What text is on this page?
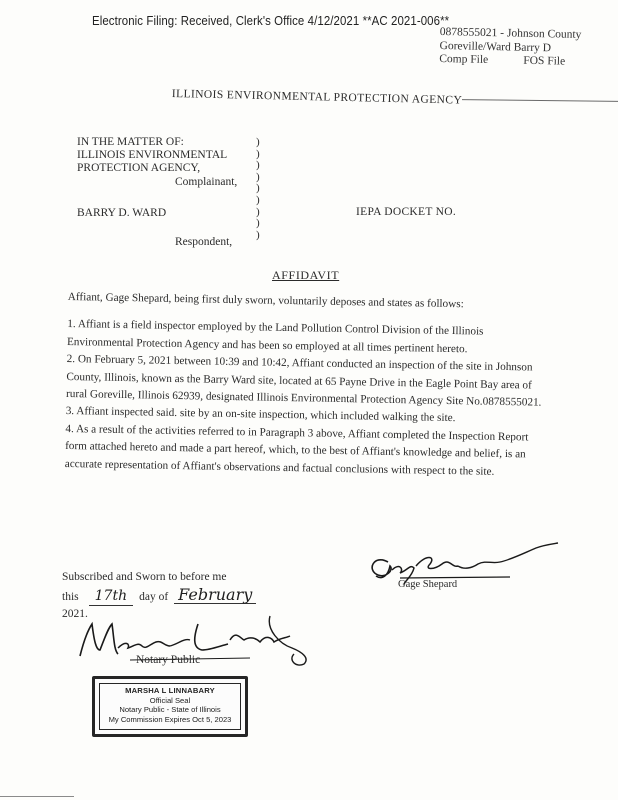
Electronic Filing: Received, Clerk's Office 4/12/2021 **AC 2021-006**
0878555021 - Johnson County
Goreville/Ward Barry D
Comp File	FOS File
ILLINOIS ENVIRONMENTAL PROTECTION AGENCY
IN THE MATTER OF:
ILLINOIS ENVIRONMENTAL
PROTECTION AGENCY,
Complainant,
BARRY D. WARD
Respondent,
)
)
)
)
)
)
)
)
)
IEPA DOCKET NO.
AFFIDAVIT

Affiant, Gage Shepard, being first duly sworn, voluntarily deposes and states as follows:

1. Affiant is a field inspector employed by the Land Pollution Control Division of the Illinois Environmental Protection Agency and has been so employed at all times pertinent hereto.

2. On February 5, 2021 between 10:39 and 10:42, Affiant conducted an inspection of the site in Johnson County, Illinois, known as the Barry Ward site, located at 65 Payne Drive in the Eagle Point Bay area of rural Goreville, Illinois 62939, designated Illinois Environmental Protection Agency Site No.0878555021.

3. Affiant inspected said. site by an on-site inspection, which included walking the site.

4. As a result of the activities referred to in Paragraph 3 above, Affiant completed the Inspection Report form attached hereto and made a part hereof, which, to the best of Affiant's knowledge and belief, is an accurate representation of Affiant's observations and factual conclusions with respect to the site.

Gage Shepard
Subscribed and Sworn to before me
this	17th	day of February
2021.
Notary Public
MARSHA L LINNABARY
Official Seal
Notary Public - State of Illinois
My Commission Expires Oct 5, 2023
